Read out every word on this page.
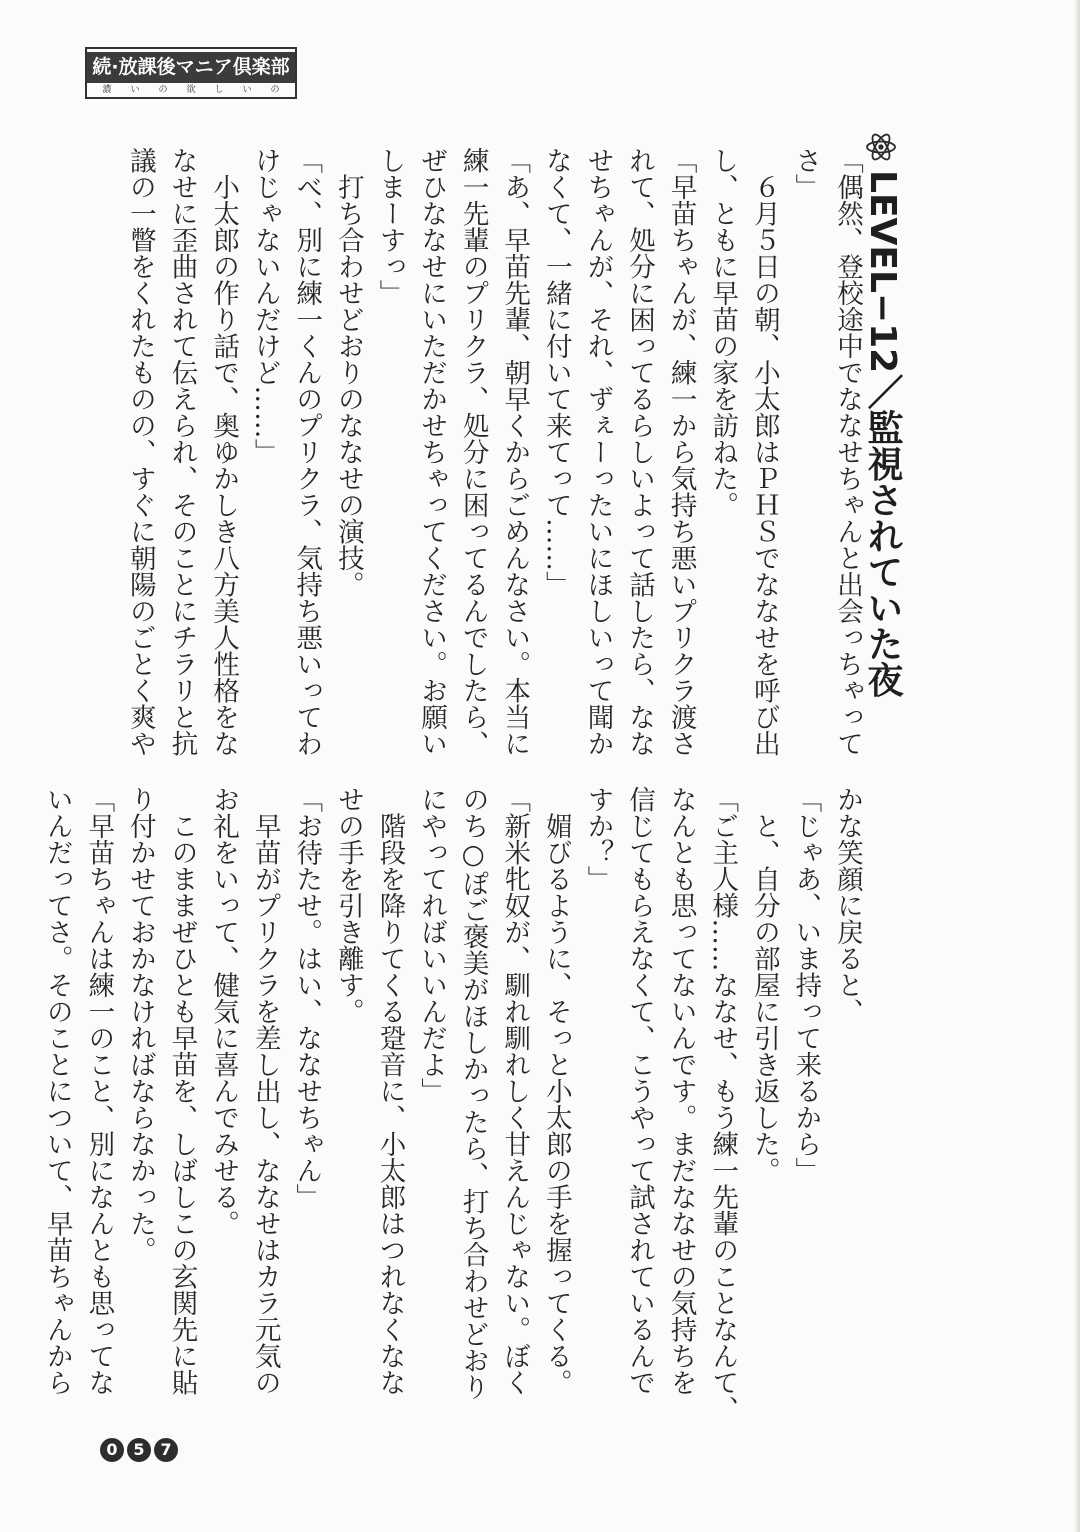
続·放課後マニア倶楽部
濃 い の 欲 し い の
LEVEL−12／監視されていた夜
「偶然、登校途中でななせちゃんと出会っちゃって
さ」
　６月５日の朝、小太郎はＰＨＳでななせを呼び出
し、ともに早苗の家を訪ねた。
「早苗ちゃんが、練一から気持ち悪いプリクラ渡さ
れて、処分に困ってるらしいよって話したら、なな
せちゃんが、それ、ずぇーったいにほしいって聞か
なくて、一緒に付いて来てって……」
「あ、早苗先輩、朝早くからごめんなさい。本当に
練一先輩のプリクラ、処分に困ってるんでしたら、
ぜひななせにいただかせちゃってください。お願い
しまーすっ」
　打ち合わせどおりのななせの演技。
「べ、別に練一くんのプリクラ、気持ち悪いってわ
けじゃないんだけど……」
　小太郎の作り話で、奥ゆかしき八方美人性格をな
なせに歪曲されて伝えられ、そのことにチラリと抗
議の一瞥をくれたものの、すぐに朝陽のごとく爽や
かな笑顔に戻ると、
「じゃあ、いま持って来るから」
　と、自分の部屋に引き返した。
「ご主人様……ななせ、もう練一先輩のことなんて、
なんとも思ってないんです。まだななせの気持ちを
信じてもらえなくて、こうやって試されているんで
すか？」
　媚びるように、そっと小太郎の手を握ってくる。
「新米牝奴が、馴れ馴れしく甘えんじゃない。ぼく
のち○ぽご褒美がほしかったら、打ち合わせどおり
にやってればいいんだよ」
　階段を降りてくる跫音に、小太郎はつれなくなな
せの手を引き離す。
「お待たせ。はい、ななせちゃん」
　早苗がプリクラを差し出し、ななせはカラ元気の
お礼をいって、健気に喜んでみせる。
　このままぜひとも早苗を、しばしこの玄関先に貼
り付かせておかなければならなかった。
「早苗ちゃんは練一のこと、別になんとも思ってな
いんだってさ。そのことについて、早苗ちゃんから
0 5 7
